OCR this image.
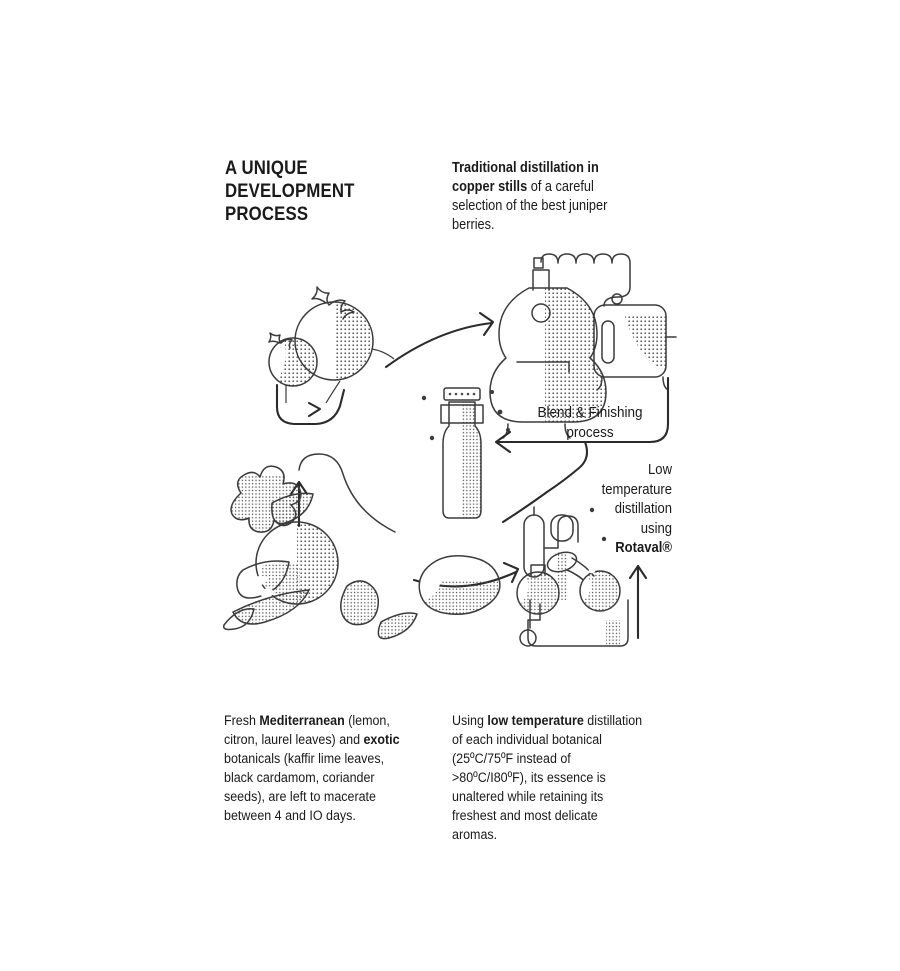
A UNIQUE DEVELOPMENT
PROCESS
Traditional distillation in copper stills of a careful selection of the best juniper berries.
Blend & Finishing
process
Low
temperature
distillation
using
Rotaval®
Fresh Mediterranean (lemon, citron, laurel leaves) and exotic botanicals (kaffir lime leaves, black cardamom, coriander seeds), are left to macerate between 4 and IO days.
Using low temperature distillation of each individual botanical (25ºC/75ºF instead of >80ºC/I80ºF), its essence is unaltered while retaining its freshest and most delicate aromas.
